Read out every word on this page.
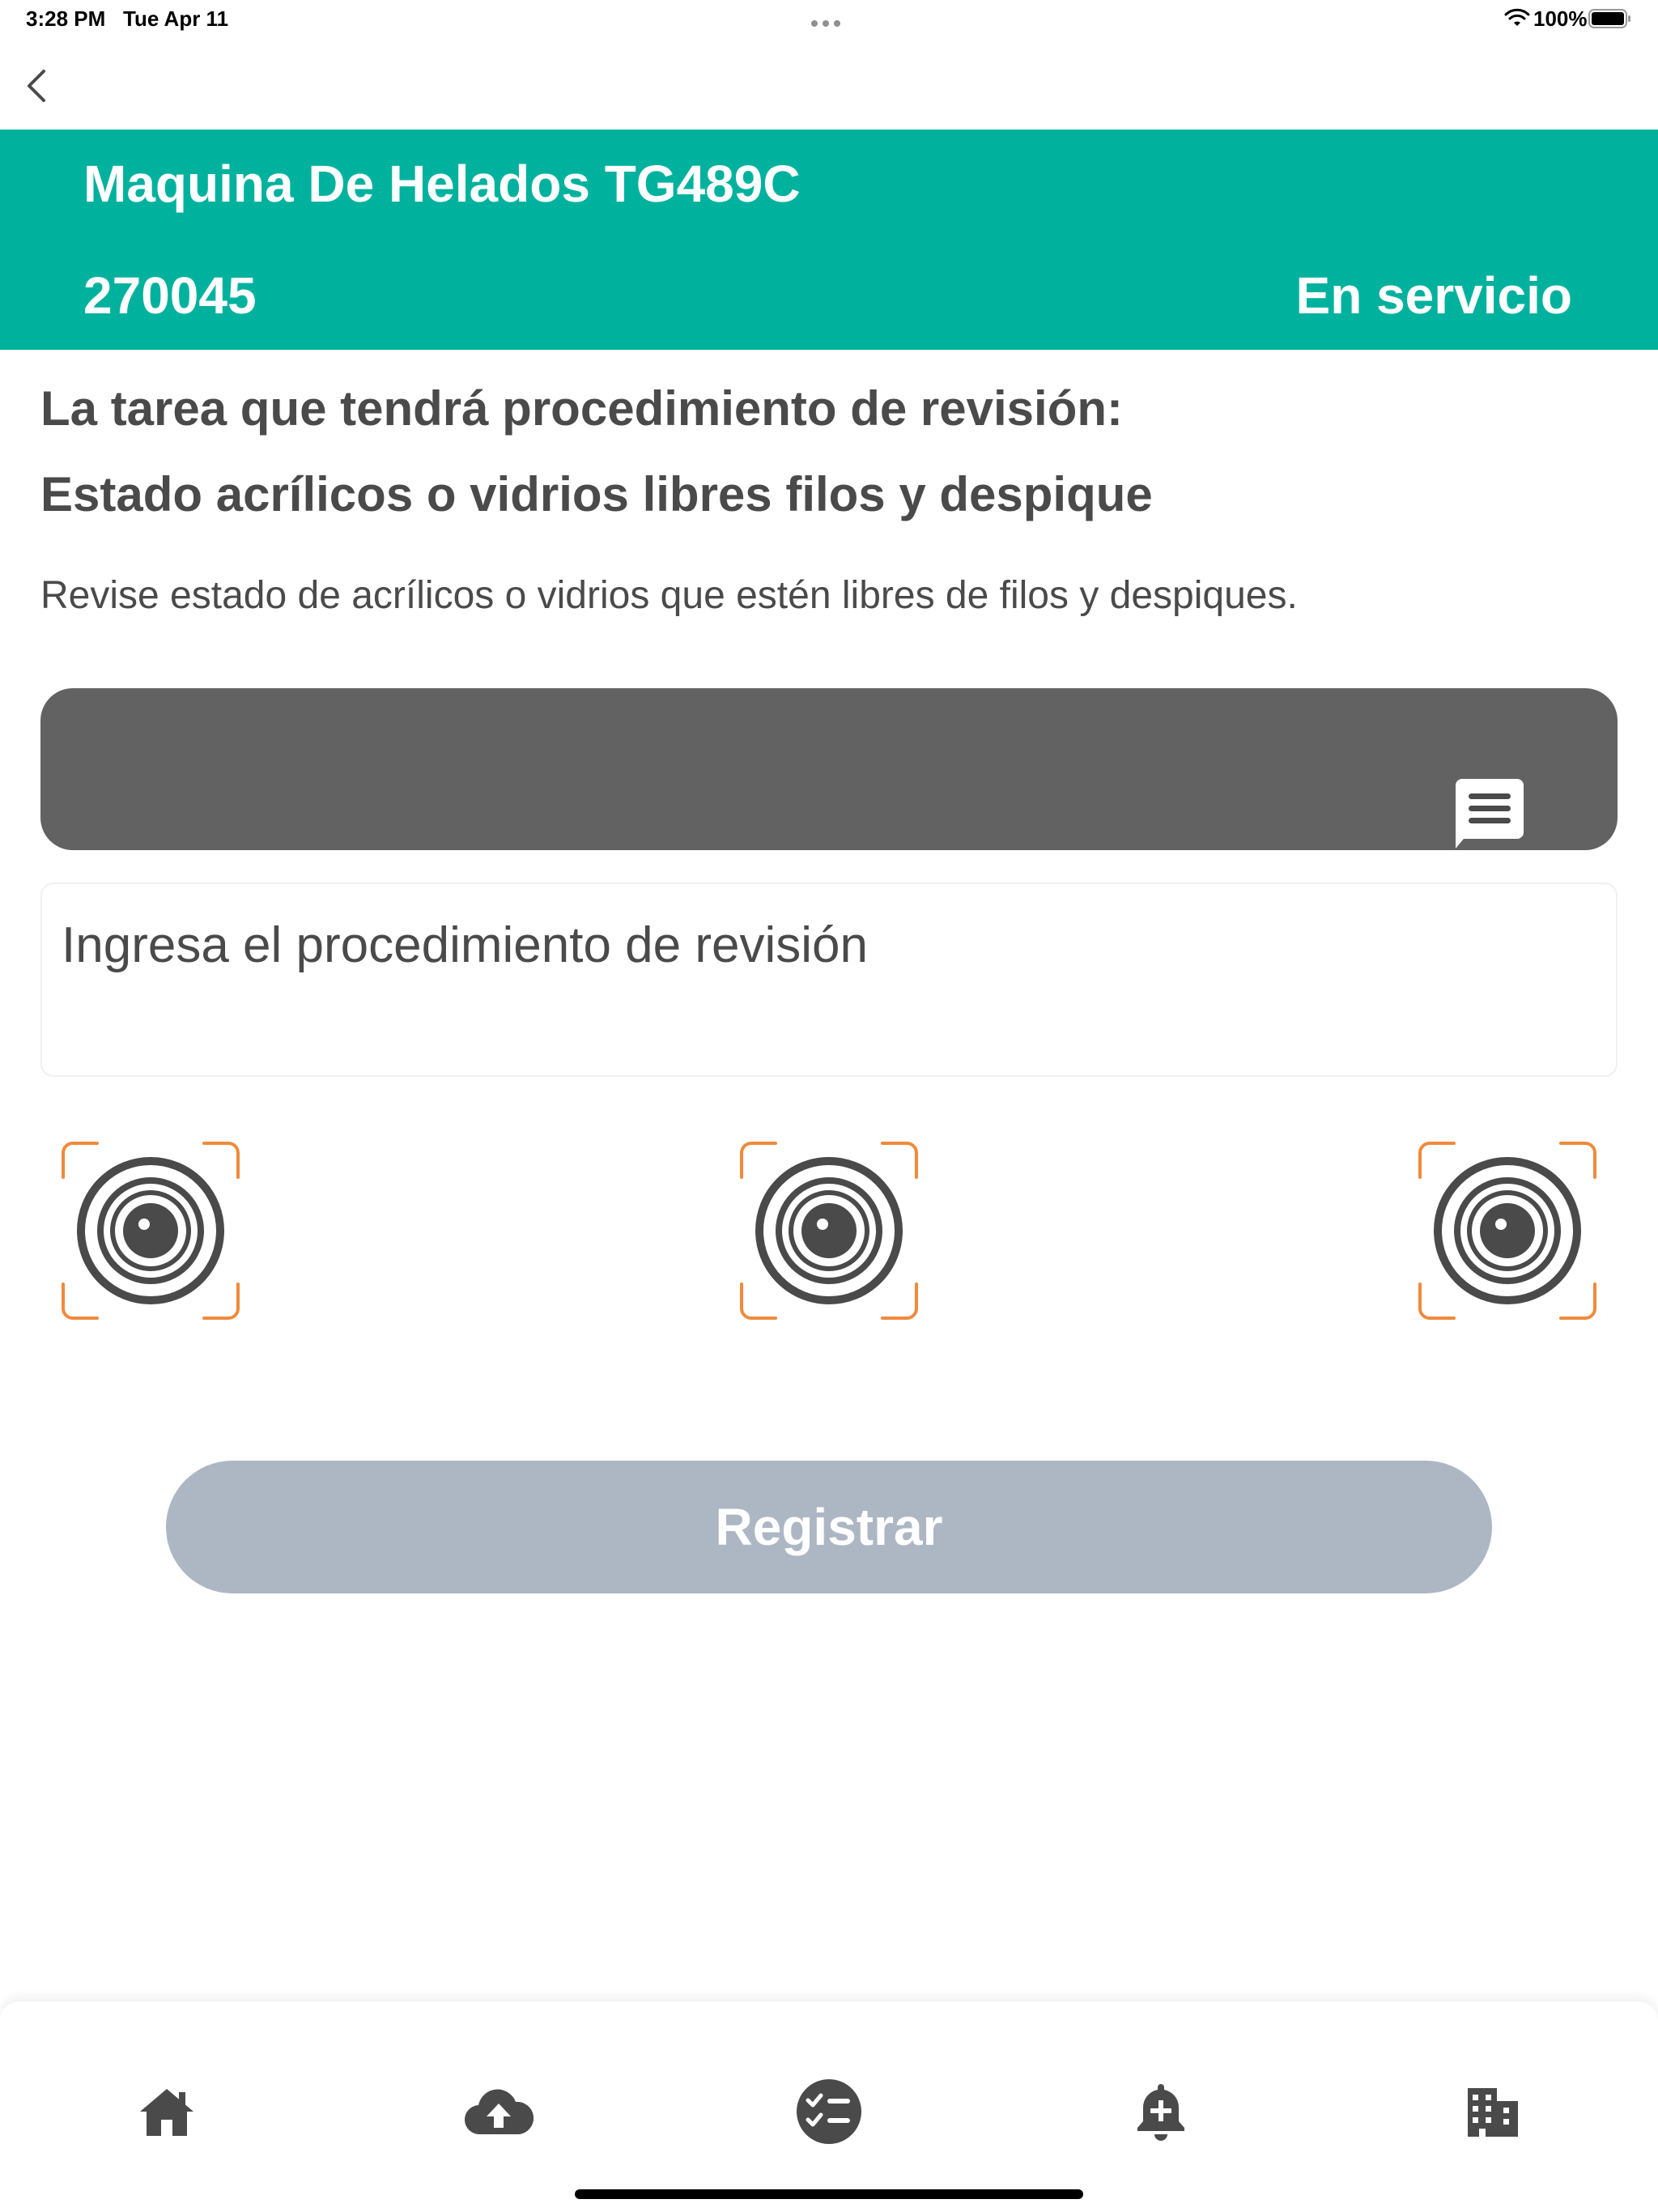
3:28 PM Tue Apr 11	100%
Maquina De Helados TG489C
270045	En servicio
La tarea que tendrá procedimiento de revisión:
Estado acrílicos o vidrios libres filos y despique
Revise estado de acrílicos o vidrios que estén libres de filos y despiques.
Ingresa el procedimiento de revisión
Registrar
